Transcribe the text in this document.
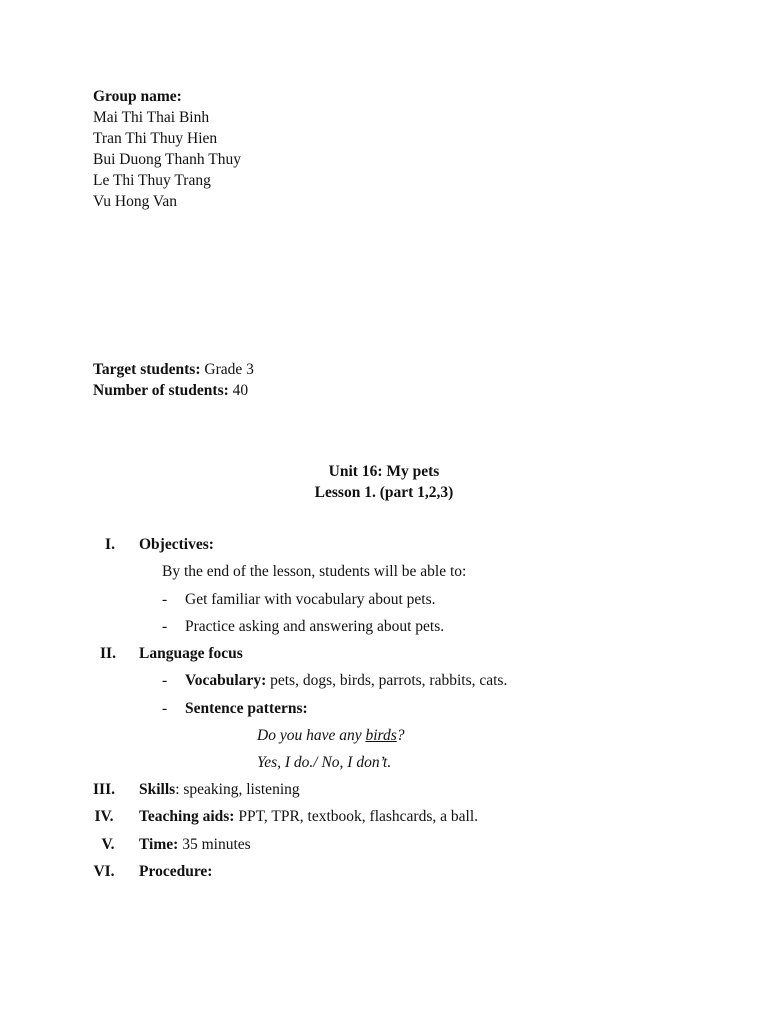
Group name:
Mai Thi Thai Binh
Tran Thi Thuy Hien
Bui Duong Thanh Thuy
Le Thi Thuy Trang
Vu Hong Van
Target students: Grade 3
Number of students: 40
Unit 16: My pets
Lesson 1. (part 1,2,3)
I.	Objectives:
By the end of the lesson, students will be able to:
- Get familiar with vocabulary about pets.
- Practice asking and answering about pets.
II.	Language focus
- Vocabulary: pets, dogs, birds, parrots, rabbits, cats.
- Sentence patterns:
Do you have any birds?
Yes, I do./ No, I don’t.
III.	Skills: speaking, listening
IV.	Teaching aids: PPT, TPR, textbook, flashcards, a ball.
V.	Time: 35 minutes
VI.	Procedure:
